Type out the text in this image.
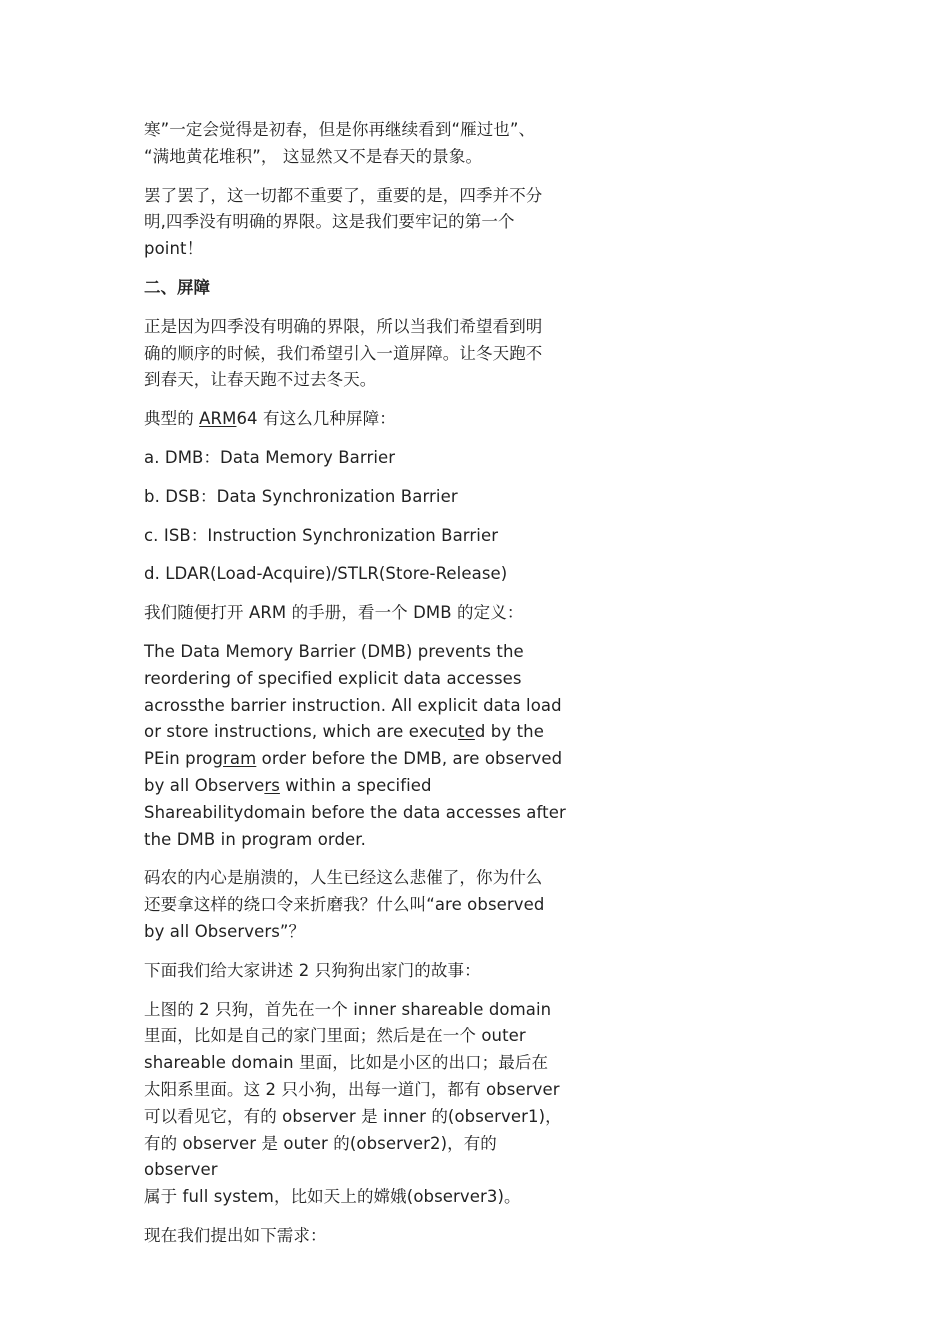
寒”一定会觉得是初春，但是你再继续看到“雁过也”、
“满地黄花堆积”， 这显然又不是春天的景象。

罢了罢了，这一切都不重要了，重要的是，四季并不分
明,四季没有明确的界限。这是我们要牢记的第一个
point！

二、屏障

正是因为四季没有明确的界限，所以当我们希望看到明
确的顺序的时候，我们希望引入一道屏障。让冬天跑不
到春天，让春天跑不过去冬天。

典型的 ARM64 有这么几种屏障：

a. DMB：Data Memory Barrier

b. DSB：Data Synchronization Barrier

c. ISB：Instruction Synchronization Barrier

d. LDAR(Load-Acquire)/STLR(Store-Release)

我们随便打开 ARM 的手册，看一个 DMB 的定义：

The Data Memory Barrier (DMB) prevents the
reordering of specified explicit data accesses
acrossthe barrier instruction. All explicit data load
or store instructions, which are executed by the
PEin program order before the DMB, are observed
by all Observers within a specified
Shareabilitydomain before the data accesses after
the DMB in program order.

码农的内心是崩溃的，人生已经这么悲催了，你为什么
还要拿这样的绕口令来折磨我？什么叫“are observed
by all Observers”？

下面我们给大家讲述 2 只狗狗出家门的故事：

上图的 2 只狗，首先在一个 inner shareable domain
里面，比如是自己的家门里面；然后是在一个 outer
shareable domain 里面，比如是小区的出口；最后在
太阳系里面。这 2 只小狗，出每一道门，都有 observer
可以看见它，有的 observer 是 inner 的(observer1)，
有的 observer 是 outer 的(observer2)，有的 observer
属于 full system，比如天上的嫦娥(observer3)。

现在我们提出如下需求：
